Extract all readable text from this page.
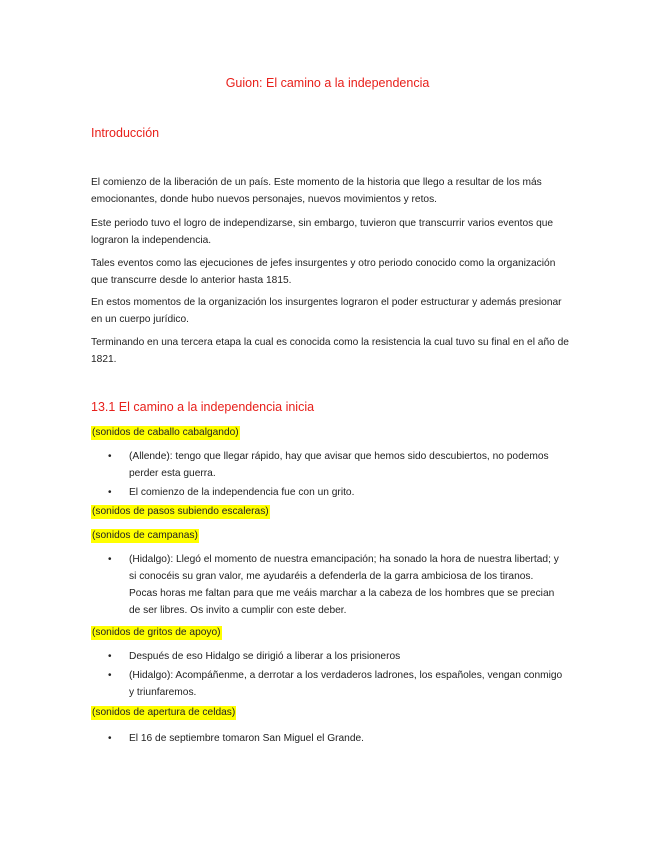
Guion: El camino a la independencia
Introducción

El comienzo de la liberación de un país. Este momento de la historia que llego a resultar de los más emocionantes, donde hubo nuevos personajes, nuevos movimientos y retos.

Este periodo tuvo el logro de independizarse, sin embargo, tuvieron que transcurrir varios eventos que lograron la independencia.

Tales eventos como las ejecuciones de jefes insurgentes y otro periodo conocido como la organización que transcurre desde lo anterior hasta 1815.

En estos momentos de la organización los insurgentes lograron el poder estructurar y además presionar en un cuerpo jurídico.

Terminando en una tercera etapa la cual es conocida como la resistencia la cual tuvo su final en el año de 1821.

13.1 El camino a la independencia inicia
(sonidos de caballo cabalgando)
• (Allende): tengo que llegar rápido, hay que avisar que hemos sido descubiertos, no podemos perder esta guerra.
• El comienzo de la independencia fue con un grito.
(sonidos de pasos subiendo escaleras)
(sonidos de campanas)
• (Hidalgo): Llegó el momento de nuestra emancipación; ha sonado la hora de nuestra libertad; y si conocéis su gran valor, me ayudaréis a defenderla de la garra ambiciosa de los tiranos. Pocas horas me faltan para que me veáis marchar a la cabeza de los hombres que se precian de ser libres. Os invito a cumplir con este deber.
(sonidos de gritos de apoyo)
• Después de eso Hidalgo se dirigió a liberar a los prisioneros
• (Hidalgo): Acompáñenme, a derrotar a los verdaderos ladrones, los españoles, vengan conmigo y triunfaremos.
(sonidos de apertura de celdas)
• El 16 de septiembre tomaron San Miguel el Grande.
